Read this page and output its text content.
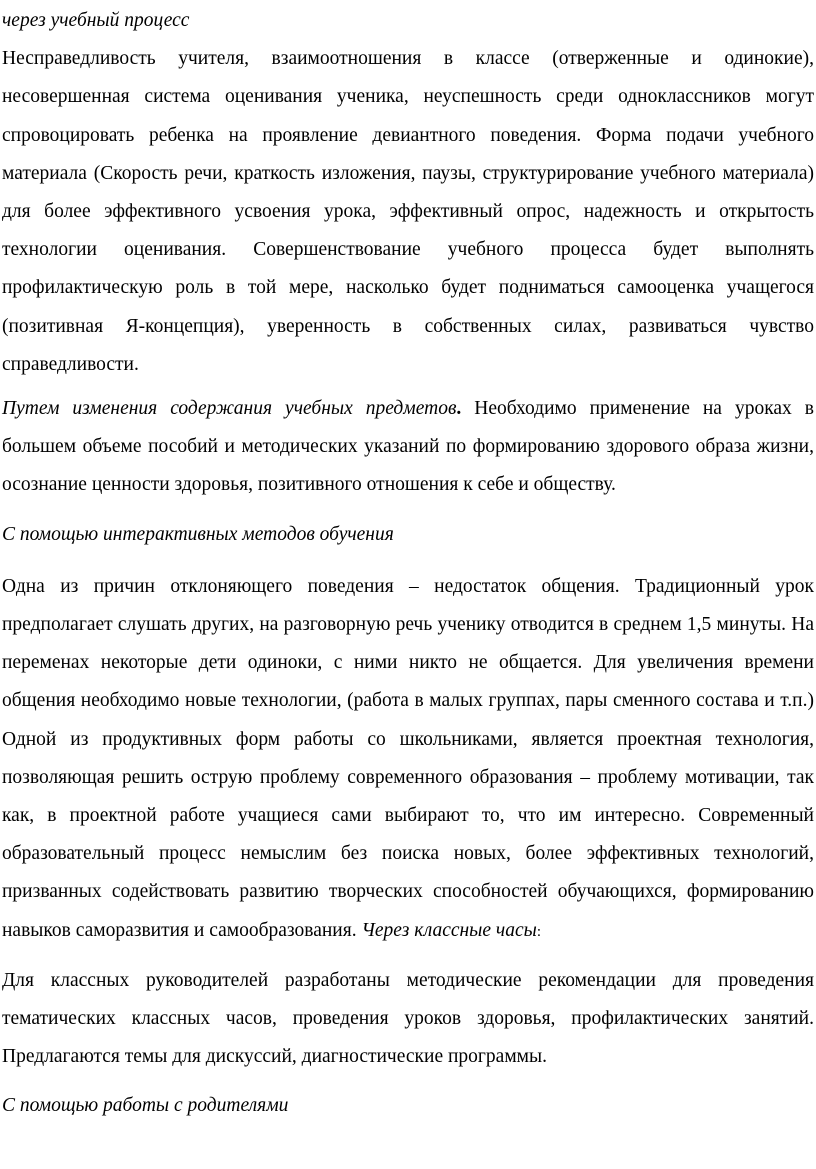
через учебный процесс

Несправедливость учителя, взаимоотношения в классе (отверженные и одинокие), несовершенная система оценивания ученика, неуспешность среди одноклассников могут спровоцировать ребенка на проявление девиантного поведения. Форма подачи учебного материала (Скорость речи, краткость изложения, паузы, структурирование учебного материала) для более эффективного усвоения урока, эффективный опрос, надежность и открытость технологии оценивания. Совершенствование учебного процесса будет выполнять профилактическую роль в той мере, насколько будет подниматься самооценка учащегося (позитивная Я-концепция), уверенность в собственных силах, развиваться чувство справедливости.

Путем изменения содержания учебных предметов. Необходимо применение на уроках в большем объеме пособий и методических указаний по формированию здорового образа жизни, осознание ценности здоровья, позитивного отношения к себе и обществу.

С помощью интерактивных методов обучения

Одна из причин отклоняющего поведения – недостаток общения. Традиционный урок предполагает слушать других, на разговорную речь ученику отводится в среднем 1,5 минуты. На переменах некоторые дети одиноки, с ними никто не общается. Для увеличения времени общения необходимо новые технологии, (работа в малых группах, пары сменного состава и т.п.) Одной из продуктивных форм работы со школьниками, является проектная технология, позволяющая решить острую проблему современного образования – проблему мотивации, так как, в проектной работе учащиеся сами выбирают то, что им интересно. Современный образовательный процесс немыслим без поиска новых, более эффективных технологий, призванных содействовать развитию творческих способностей обучающихся, формированию навыков саморазвития и самообразования. Через классные часы:

Для классных руководителей разработаны методические рекомендации для проведения тематических классных часов, проведения уроков здоровья, профилактических занятий. Предлагаются темы для дискуссий, диагностические программы.

С помощью работы с родителями
